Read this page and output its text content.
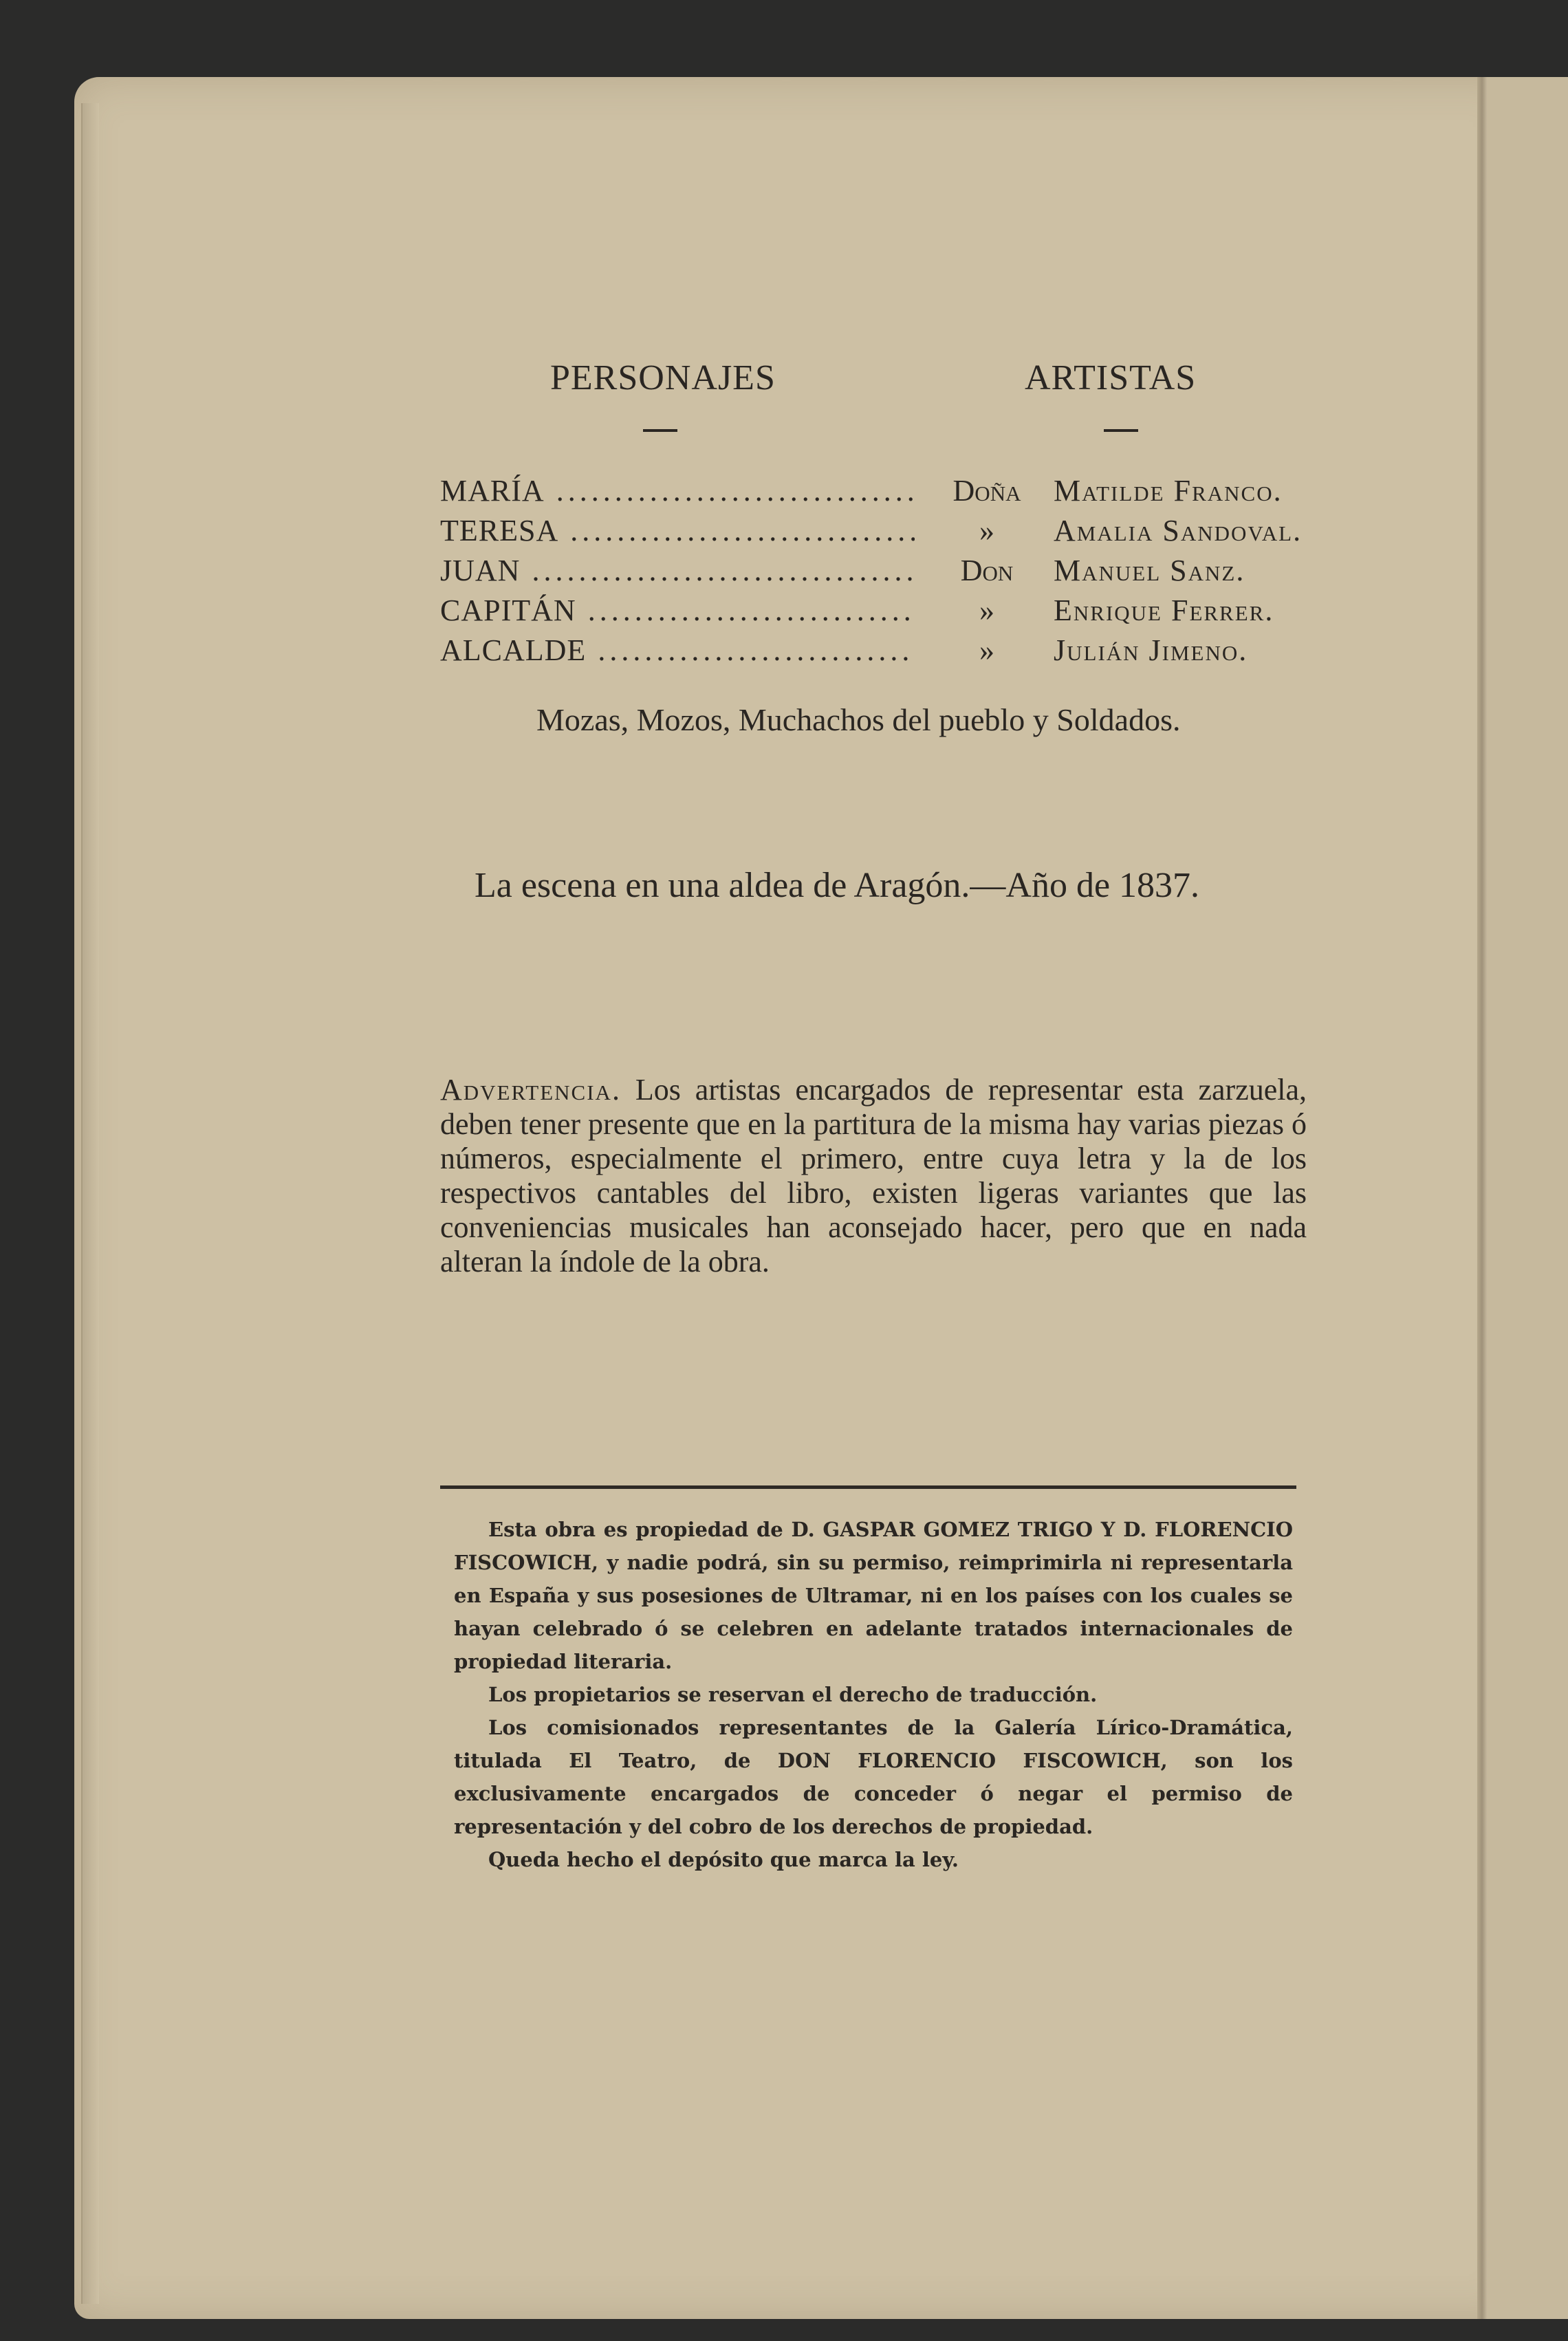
PERSONAJES	ARTISTAS
MARÍA .....	Doña Matilde Franco.
TERESA .....	»	Amalia Sandoval.
JUAN .....	Don	Manuel Sanz.
CAPITÁN .....	»	Enrique Ferrer.
ALCALDE .....	»	Julián Jimeno.
Mozas, Mozos, Muchachos del pueblo y Soldados.
La escena en una aldea de Aragón.—Año de 1837.
Advertencia. Los artistas encargados de representar esta zarzuela, deben tener presente que en la partitura de la misma hay varias piezas ó números, especialmente el primero, entre cuya letra y la de los respectivos cantables del libro, existen ligeras variantes que las conveniencias musicales han aconsejado hacer, pero que en nada alteran la índole de la obra.

Esta obra es propiedad de D. GASPAR GOMEZ TRIGO Y D. FLORENCIO FISCOWICH, y nadie podrá, sin su permiso, reimprimirla ni representarla en España y sus posesiones de Ultramar, ni en los países con los cuales se hayan celebrado ó se celebren en adelante tratados internacionales de propiedad literaria.

Los propietarios se reservan el derecho de traducción.

Los comisionados representantes de la Galería Lírico-Dramática, titulada El Teatro, de DON FLORENCIO FISCOWICH, son los exclusivamente encargados de conceder ó negar el permiso de representación y del cobro de los derechos de propiedad.

Queda hecho el depósito que marca la ley.
